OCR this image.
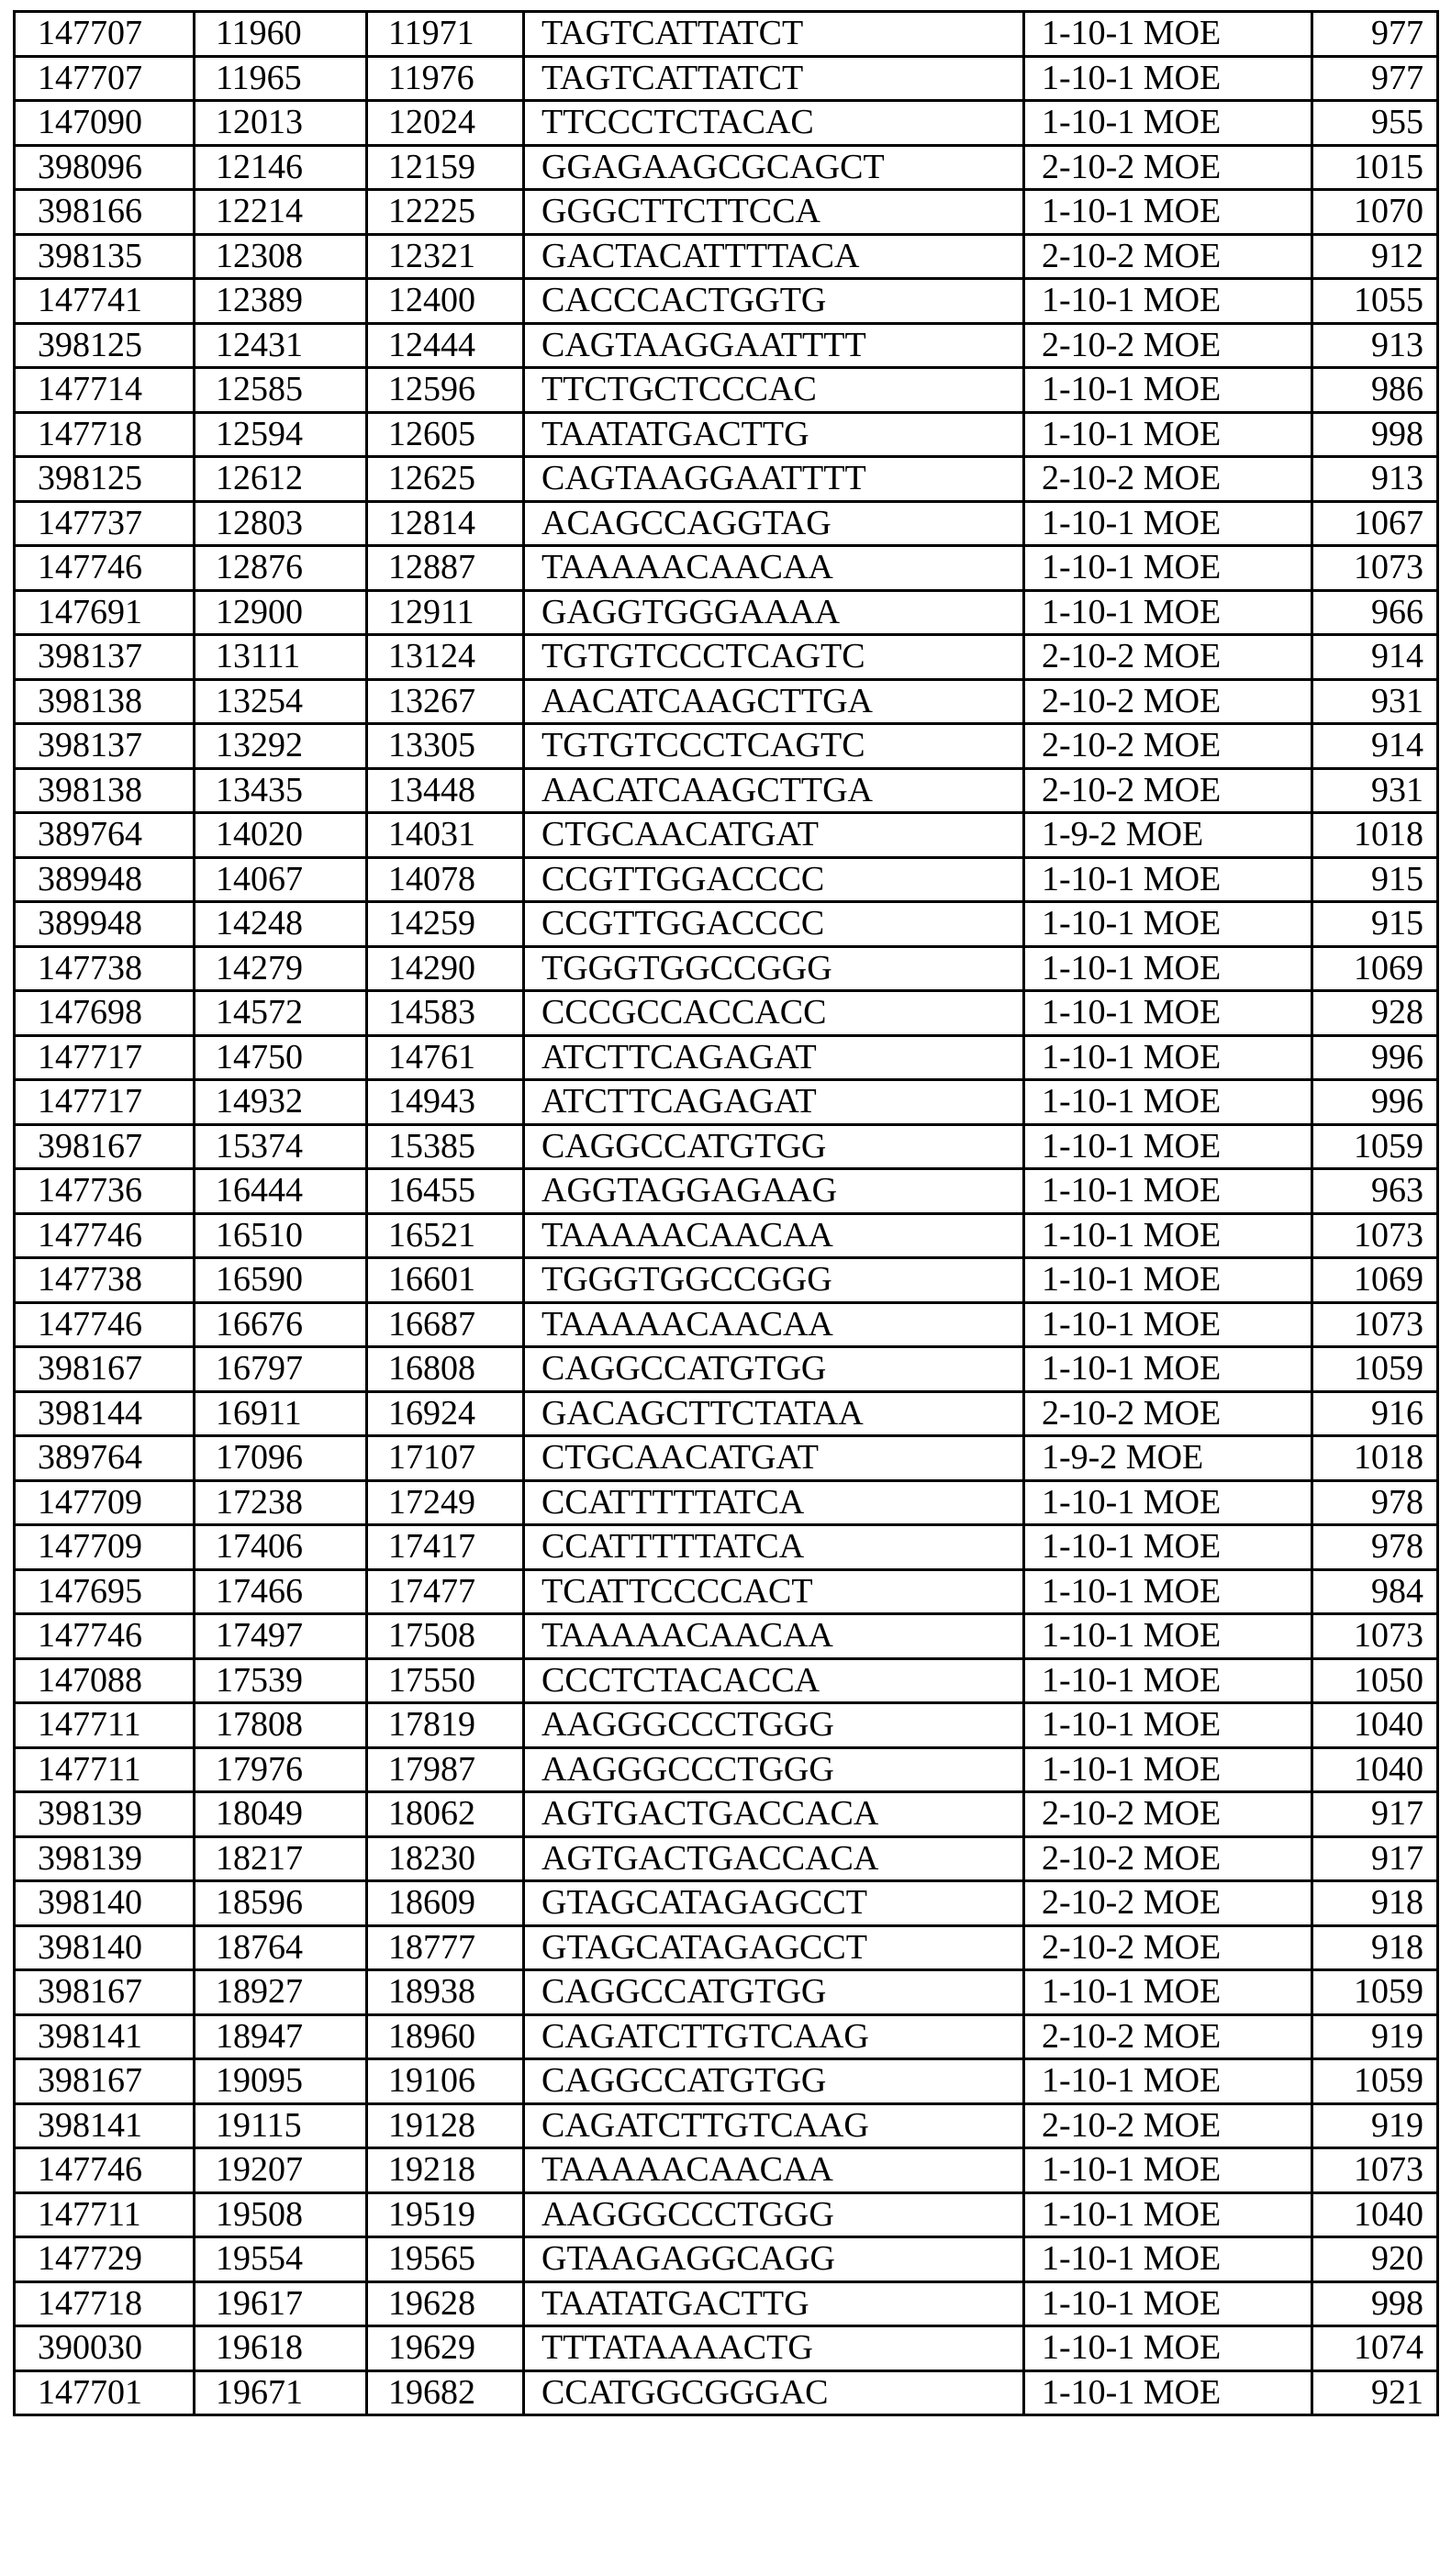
147707	11960	11971	TAGTCATTATCT	1-10-1 MOE	977
147707	11965	11976	TAGTCATTATCT	1-10-1 MOE	977
147090	12013	12024	TTCCCTCTACAC	1-10-1 MOE	955
398096	12146	12159	GGAGAAGCGCAGCT	2-10-2 MOE	1015
398166	12214	12225	GGGCTTCTTCCA	1-10-1 MOE	1070
398135	12308	12321	GACTACATTTTACA	2-10-2 MOE	912
147741	12389	12400	CACCCACTGGTG	1-10-1 MOE	1055
398125	12431	12444	CAGTAAGGAATTTT	2-10-2 MOE	913
147714	12585	12596	TTCTGCTCCCAC	1-10-1 MOE	986
147718	12594	12605	TAATATGACTTG	1-10-1 MOE	998
398125	12612	12625	CAGTAAGGAATTTT	2-10-2 MOE	913
147737	12803	12814	ACAGCCAGGTAG	1-10-1 MOE	1067
147746	12876	12887	TAAAAACAACAA	1-10-1 MOE	1073
147691	12900	12911	GAGGTGGGAAAA	1-10-1 MOE	966
398137	13111	13124	TGTGTCCCTCAGTC	2-10-2 MOE	914
398138	13254	13267	AACATCAAGCTTGA	2-10-2 MOE	931
398137	13292	13305	TGTGTCCCTCAGTC	2-10-2 MOE	914
398138	13435	13448	AACATCAAGCTTGA	2-10-2 MOE	931
389764	14020	14031	CTGCAACATGAT	1-9-2 MOE	1018
389948	14067	14078	CCGTTGGACCCC	1-10-1 MOE	915
389948	14248	14259	CCGTTGGACCCC	1-10-1 MOE	915
147738	14279	14290	TGGGTGGCCGGG	1-10-1 MOE	1069
147698	14572	14583	CCCGCCACCACC	1-10-1 MOE	928
147717	14750	14761	ATCTTCAGAGAT	1-10-1 MOE	996
147717	14932	14943	ATCTTCAGAGAT	1-10-1 MOE	996
398167	15374	15385	CAGGCCATGTGG	1-10-1 MOE	1059
147736	16444	16455	AGGTAGGAGAAG	1-10-1 MOE	963
147746	16510	16521	TAAAAACAACAA	1-10-1 MOE	1073
147738	16590	16601	TGGGTGGCCGGG	1-10-1 MOE	1069
147746	16676	16687	TAAAAACAACAA	1-10-1 MOE	1073
398167	16797	16808	CAGGCCATGTGG	1-10-1 MOE	1059
398144	16911	16924	GACAGCTTCTATAA	2-10-2 MOE	916
389764	17096	17107	CTGCAACATGAT	1-9-2 MOE	1018
147709	17238	17249	CCATTTTTATCA	1-10-1 MOE	978
147709	17406	17417	CCATTTTTATCA	1-10-1 MOE	978
147695	17466	17477	TCATTCCCCACT	1-10-1 MOE	984
147746	17497	17508	TAAAAACAACAA	1-10-1 MOE	1073
147088	17539	17550	CCCTCTACACCA	1-10-1 MOE	1050
147711	17808	17819	AAGGGCCCTGGG	1-10-1 MOE	1040
147711	17976	17987	AAGGGCCCTGGG	1-10-1 MOE	1040
398139	18049	18062	AGTGACTGACCACA	2-10-2 MOE	917
398139	18217	18230	AGTGACTGACCACA	2-10-2 MOE	917
398140	18596	18609	GTAGCATAGAGCCT	2-10-2 MOE	918
398140	18764	18777	GTAGCATAGAGCCT	2-10-2 MOE	918
398167	18927	18938	CAGGCCATGTGG	1-10-1 MOE	1059
398141	18947	18960	CAGATCTTGTCAAG	2-10-2 MOE	919
398167	19095	19106	CAGGCCATGTGG	1-10-1 MOE	1059
398141	19115	19128	CAGATCTTGTCAAG	2-10-2 MOE	919
147746	19207	19218	TAAAAACAACAA	1-10-1 MOE	1073
147711	19508	19519	AAGGGCCCTGGG	1-10-1 MOE	1040
147729	19554	19565	GTAAGAGGCAGG	1-10-1 MOE	920
147718	19617	19628	TAATATGACTTG	1-10-1 MOE	998
390030	19618	19629	TTTATAAAACTG	1-10-1 MOE	1074
147701	19671	19682	CCATGGCGGGAC	1-10-1 MOE	921
